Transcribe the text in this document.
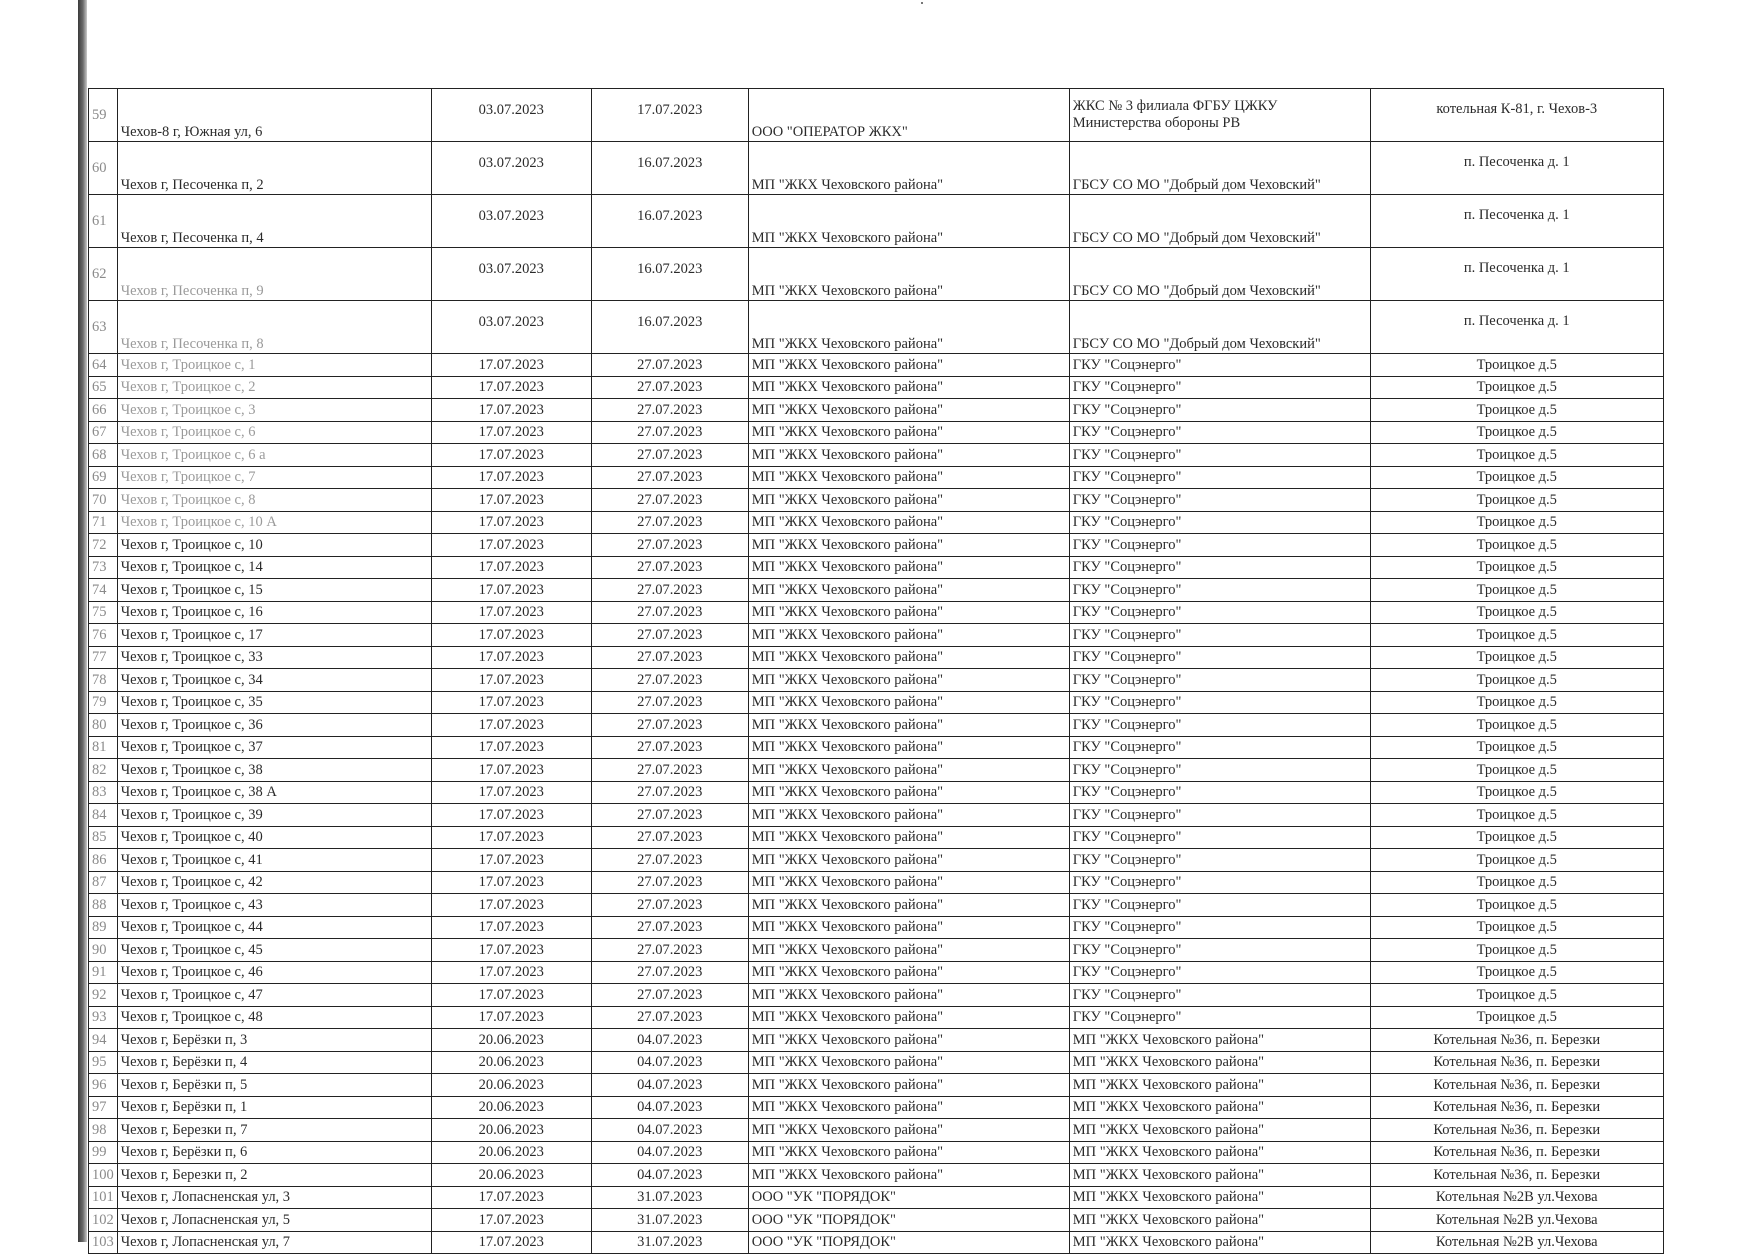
59	Чехов-8 г, Южная ул, 6	03.07.2023	17.07.2023	ООО "ОПЕРАТОР ЖКХ"	ЖКС № 3 филиала ФГБУ ЦЖКУ Министерства обороны РВ	котельная К-81, г. Чехов-3
60	Чехов г, Песоченка п, 2	03.07.2023	16.07.2023	МП "ЖКХ Чеховского района"	ГБСУ СО МО "Добрый дом Чеховский"	п. Песоченка д. 1
61	Чехов г, Песоченка п, 4	03.07.2023	16.07.2023	МП "ЖКХ Чеховского района"	ГБСУ СО МО "Добрый дом Чеховский"	п. Песоченка д. 1
62	Чехов г, Песоченка п, 9	03.07.2023	16.07.2023	МП "ЖКХ Чеховского района"	ГБСУ СО МО "Добрый дом Чеховский"	п. Песоченка д. 1
63	Чехов г, Песоченка п, 8	03.07.2023	16.07.2023	МП "ЖКХ Чеховского района"	ГБСУ СО МО "Добрый дом Чеховский"	п. Песоченка д. 1
64	Чехов г, Троицкое с, 1	17.07.2023	27.07.2023	МП "ЖКХ Чеховского района"	ГКУ "Соцэнерго"	Троицкое д.5
65	Чехов г, Троицкое с, 2	17.07.2023	27.07.2023	МП "ЖКХ Чеховского района"	ГКУ "Соцэнерго"	Троицкое д.5
66	Чехов г, Троицкое с, 3	17.07.2023	27.07.2023	МП "ЖКХ Чеховского района"	ГКУ "Соцэнерго"	Троицкое д.5
67	Чехов г, Троицкое с, 6	17.07.2023	27.07.2023	МП "ЖКХ Чеховского района"	ГКУ "Соцэнерго"	Троицкое д.5
68	Чехов г, Троицкое с, 6 а	17.07.2023	27.07.2023	МП "ЖКХ Чеховского района"	ГКУ "Соцэнерго"	Троицкое д.5
69	Чехов г, Троицкое с, 7	17.07.2023	27.07.2023	МП "ЖКХ Чеховского района"	ГКУ "Соцэнерго"	Троицкое д.5
70	Чехов г, Троицкое с, 8	17.07.2023	27.07.2023	МП "ЖКХ Чеховского района"	ГКУ "Соцэнерго"	Троицкое д.5
71	Чехов г, Троицкое с, 10 А	17.07.2023	27.07.2023	МП "ЖКХ Чеховского района"	ГКУ "Соцэнерго"	Троицкое д.5
72	Чехов г, Троицкое с, 10	17.07.2023	27.07.2023	МП "ЖКХ Чеховского района"	ГКУ "Соцэнерго"	Троицкое д.5
73	Чехов г, Троицкое с, 14	17.07.2023	27.07.2023	МП "ЖКХ Чеховского района"	ГКУ "Соцэнерго"	Троицкое д.5
74	Чехов г, Троицкое с, 15	17.07.2023	27.07.2023	МП "ЖКХ Чеховского района"	ГКУ "Соцэнерго"	Троицкое д.5
75	Чехов г, Троицкое с, 16	17.07.2023	27.07.2023	МП "ЖКХ Чеховского района"	ГКУ "Соцэнерго"	Троицкое д.5
76	Чехов г, Троицкое с, 17	17.07.2023	27.07.2023	МП "ЖКХ Чеховского района"	ГКУ "Соцэнерго"	Троицкое д.5
77	Чехов г, Троицкое с, 33	17.07.2023	27.07.2023	МП "ЖКХ Чеховского района"	ГКУ "Соцэнерго"	Троицкое д.5
78	Чехов г, Троицкое с, 34	17.07.2023	27.07.2023	МП "ЖКХ Чеховского района"	ГКУ "Соцэнерго"	Троицкое д.5
79	Чехов г, Троицкое с, 35	17.07.2023	27.07.2023	МП "ЖКХ Чеховского района"	ГКУ "Соцэнерго"	Троицкое д.5
80	Чехов г, Троицкое с, 36	17.07.2023	27.07.2023	МП "ЖКХ Чеховского района"	ГКУ "Соцэнерго"	Троицкое д.5
81	Чехов г, Троицкое с, 37	17.07.2023	27.07.2023	МП "ЖКХ Чеховского района"	ГКУ "Соцэнерго"	Троицкое д.5
82	Чехов г, Троицкое с, 38	17.07.2023	27.07.2023	МП "ЖКХ Чеховского района"	ГКУ "Соцэнерго"	Троицкое д.5
83	Чехов г, Троицкое с, 38 А	17.07.2023	27.07.2023	МП "ЖКХ Чеховского района"	ГКУ "Соцэнерго"	Троицкое д.5
84	Чехов г, Троицкое с, 39	17.07.2023	27.07.2023	МП "ЖКХ Чеховского района"	ГКУ "Соцэнерго"	Троицкое д.5
85	Чехов г, Троицкое с, 40	17.07.2023	27.07.2023	МП "ЖКХ Чеховского района"	ГКУ "Соцэнерго"	Троицкое д.5
86	Чехов г, Троицкое с, 41	17.07.2023	27.07.2023	МП "ЖКХ Чеховского района"	ГКУ "Соцэнерго"	Троицкое д.5
87	Чехов г, Троицкое с, 42	17.07.2023	27.07.2023	МП "ЖКХ Чеховского района"	ГКУ "Соцэнерго"	Троицкое д.5
88	Чехов г, Троицкое с, 43	17.07.2023	27.07.2023	МП "ЖКХ Чеховского района"	ГКУ "Соцэнерго"	Троицкое д.5
89	Чехов г, Троицкое с, 44	17.07.2023	27.07.2023	МП "ЖКХ Чеховского района"	ГКУ "Соцэнерго"	Троицкое д.5
90	Чехов г, Троицкое с, 45	17.07.2023	27.07.2023	МП "ЖКХ Чеховского района"	ГКУ "Соцэнерго"	Троицкое д.5
91	Чехов г, Троицкое с, 46	17.07.2023	27.07.2023	МП "ЖКХ Чеховского района"	ГКУ "Соцэнерго"	Троицкое д.5
92	Чехов г, Троицкое с, 47	17.07.2023	27.07.2023	МП "ЖКХ Чеховского района"	ГКУ "Соцэнерго"	Троицкое д.5
93	Чехов г, Троицкое с, 48	17.07.2023	27.07.2023	МП "ЖКХ Чеховского района"	ГКУ "Соцэнерго"	Троицкое д.5
94	Чехов г, Берёзки п, 3	20.06.2023	04.07.2023	МП "ЖКХ Чеховского района"	МП "ЖКХ Чеховского района"	Котельная №36, п. Березки
95	Чехов г, Берёзки п, 4	20.06.2023	04.07.2023	МП "ЖКХ Чеховского района"	МП "ЖКХ Чеховского района"	Котельная №36, п. Березки
96	Чехов г, Берёзки п, 5	20.06.2023	04.07.2023	МП "ЖКХ Чеховского района"	МП "ЖКХ Чеховского района"	Котельная №36, п. Березки
97	Чехов г, Берёзки п, 1	20.06.2023	04.07.2023	МП "ЖКХ Чеховского района"	МП "ЖКХ Чеховского района"	Котельная №36, п. Березки
98	Чехов г, Березки п, 7	20.06.2023	04.07.2023	МП "ЖКХ Чеховского района"	МП "ЖКХ Чеховского района"	Котельная №36, п. Березки
99	Чехов г, Берёзки п, 6	20.06.2023	04.07.2023	МП "ЖКХ Чеховского района"	МП "ЖКХ Чеховского района"	Котельная №36, п. Березки
100	Чехов г, Березки п, 2	20.06.2023	04.07.2023	МП "ЖКХ Чеховского района"	МП "ЖКХ Чеховского района"	Котельная №36, п. Березки
101	Чехов г, Лопасненская ул, 3	17.07.2023	31.07.2023	ООО "УК "ПОРЯДОК"	МП "ЖКХ Чеховского района"	Котельная №2В ул.Чехова
102	Чехов г, Лопасненская ул, 5	17.07.2023	31.07.2023	ООО "УК "ПОРЯДОК"	МП "ЖКХ Чеховского района"	Котельная №2В ул.Чехова
103	Чехов г, Лопасненская ул, 7	17.07.2023	31.07.2023	ООО "УК "ПОРЯДОК"	МП "ЖКХ Чеховского района"	Котельная №2В ул.Чехова
